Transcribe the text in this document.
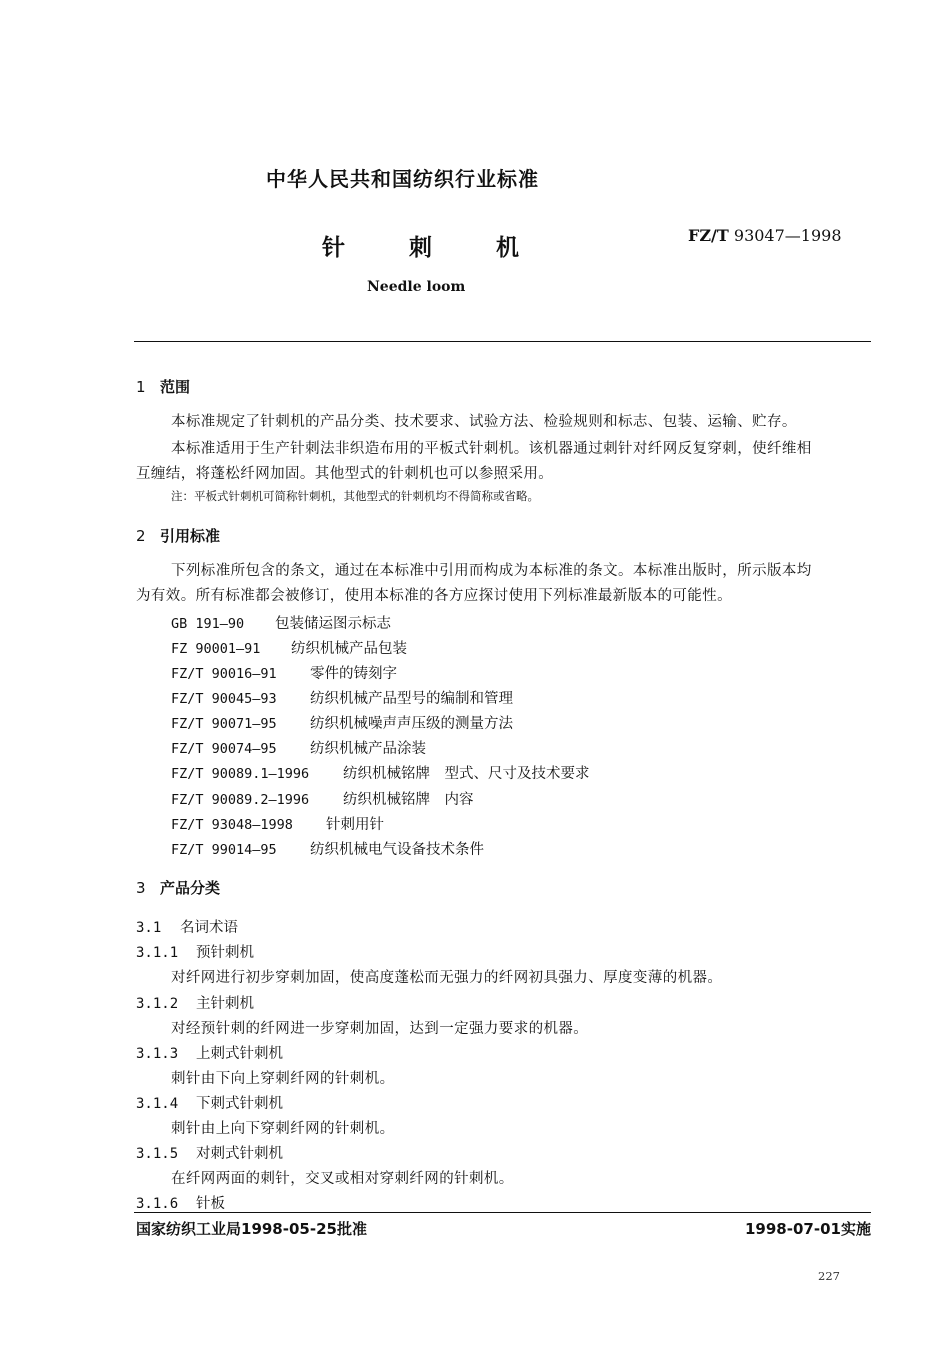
中华人民共和国纺织行业标准
针刺机	FZ/T 93047—1998
Needle loom
1 范围
本标准规定了针刺机的产品分类、技术要求、试验方法、检验规则和标志、包装、运输、贮存。
本标准适用于生产针刺法非织造布用的平板式针刺机。该机器通过刺针对纤网反复穿刺，使纤维相
互缠结，将蓬松纤网加固。其他型式的针刺机也可以参照采用。
注：平板式针刺机可简称针刺机，其他型式的针刺机均不得简称或省略。
2 引用标准
下列标准所包含的条文，通过在本标准中引用而构成为本标准的条文。本标准出版时，所示版本均
为有效。所有标准都会被修订，使用本标准的各方应探讨使用下列标准最新版本的可能性。
GB 191—90 包装储运图示标志
FZ 90001—91 纺织机械产品包装
FZ/T 90016—91 零件的铸刻字
FZ/T 90045—93 纺织机械产品型号的编制和管理
FZ/T 90071—95 纺织机械噪声声压级的测量方法
FZ/T 90074—95 纺织机械产品涂装
FZ/T 90089.1—1996 纺织机械铭牌　型式、尺寸及技术要求
FZ/T 90089.2—1996 纺织机械铭牌　内容
FZ/T 93048—1998 针刺用针
FZ/T 99014—95 纺织机械电气设备技术条件
3 产品分类
3.1 名词术语
3.1.1 预针刺机
对纤网进行初步穿刺加固，使高度蓬松而无强力的纤网初具强力、厚度变薄的机器。
3.1.2 主针刺机
对经预针刺的纤网进一步穿刺加固，达到一定强力要求的机器。
3.1.3 上刺式针刺机
刺针由下向上穿刺纤网的针刺机。
3.1.4 下刺式针刺机
刺针由上向下穿刺纤网的针刺机。
3.1.5 对刺式针刺机
在纤网两面的刺针，交叉或相对穿刺纤网的针刺机。
3.1.6 针板
国家纺织工业局1998-05-25批准	1998-07-01实施
227
